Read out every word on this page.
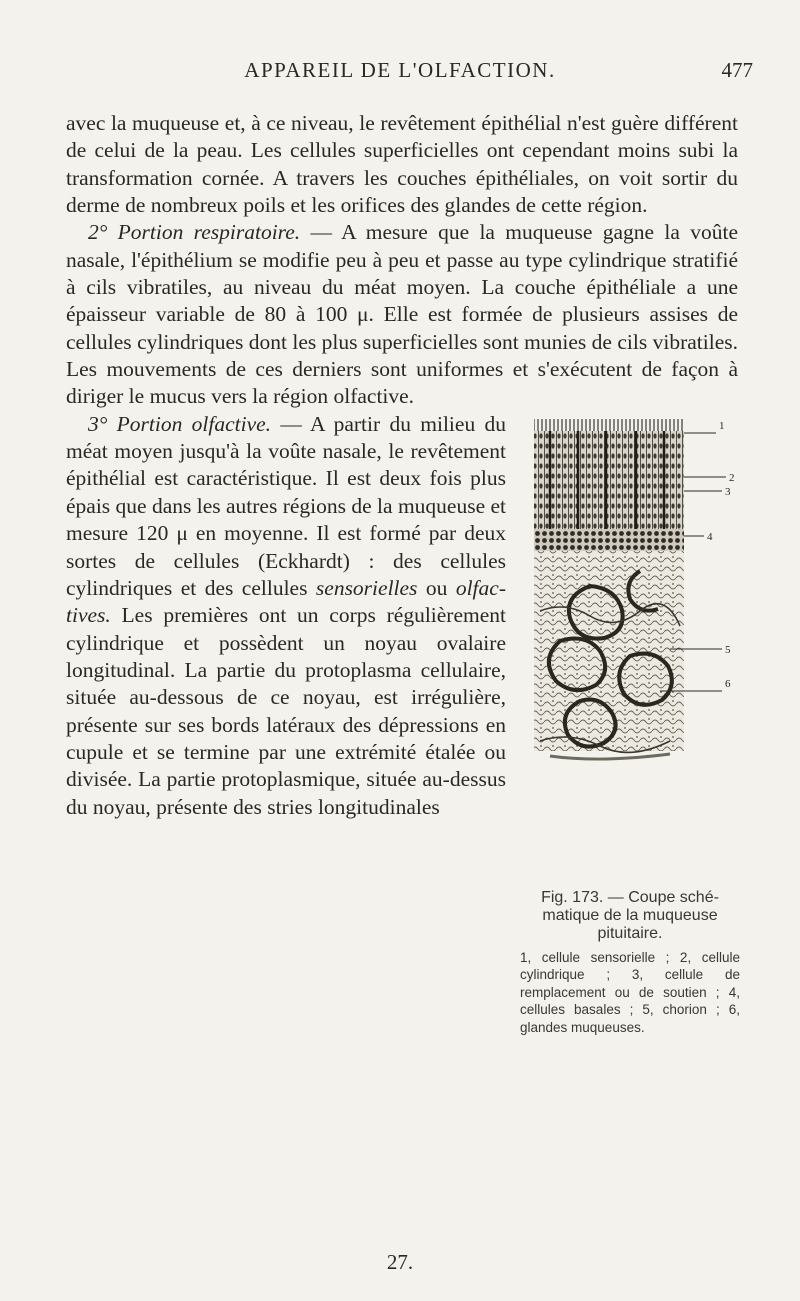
APPAREIL DE L'OLFACTION.	477

avec la muqueuse et, à ce niveau, le revêtement épithélial n'est guère différent de celui de la peau. Les cellules superficielles ont cependant moins subi la transformation cornée. A travers les couches épithéliales, on voit sortir du derme de nombreux poils et les orifices des glandes de cette région.

2° Portion respiratoire. — A mesure que la muqueuse gagne la voûte nasale, l'épithélium se modifie peu à peu et passe au type cylindrique stratifié à cils vibratiles, au niveau du méat moyen. La couche épithéliale a une épaisseur variable de 80 à 100 μ. Elle est formée de plusieurs assises de cellules cylindriques dont les plus superficielles sont munies de cils vibratiles. Les mouvements de ces derniers sont uniformes et s'exécutent de façon à diriger le mucus vers la région olfactive.

1
2
3
4
5
6
Fig. 173. — Coupe schématique de la muqueuse pituitaire.
1, cellule sensorielle ; 2, cellule cylindrique ; 3, cellule de remplacement ou de soutien ; 4, cellules basales ; 5, chorion ; 6, glandes muqueuses.

3° Portion olfactive. — A partir du milieu du méat moyen jusqu'à la voûte nasale, le revêtement épithélial est caractéristique. Il est deux fois plus épais que dans les autres régions de la muqueuse et mesure 120 μ en moyenne. Il est formé par deux sortes de cellules (Eckhardt) : des cellules cylindriques et des cellules sensorielles ou olfactives. Les premières ont un corps régulièrement cylindrique et possèdent un noyau ovalaire longitudinal. La partie du protoplasma cellulaire, située au-dessous de ce noyau, est irrégulière, présente sur ses bords latéraux des dépressions en cupule et se termine par une extrémité étalée ou divisée. La partie protoplasmique, située au-dessus du noyau, présente des stries longitudinales

27.
